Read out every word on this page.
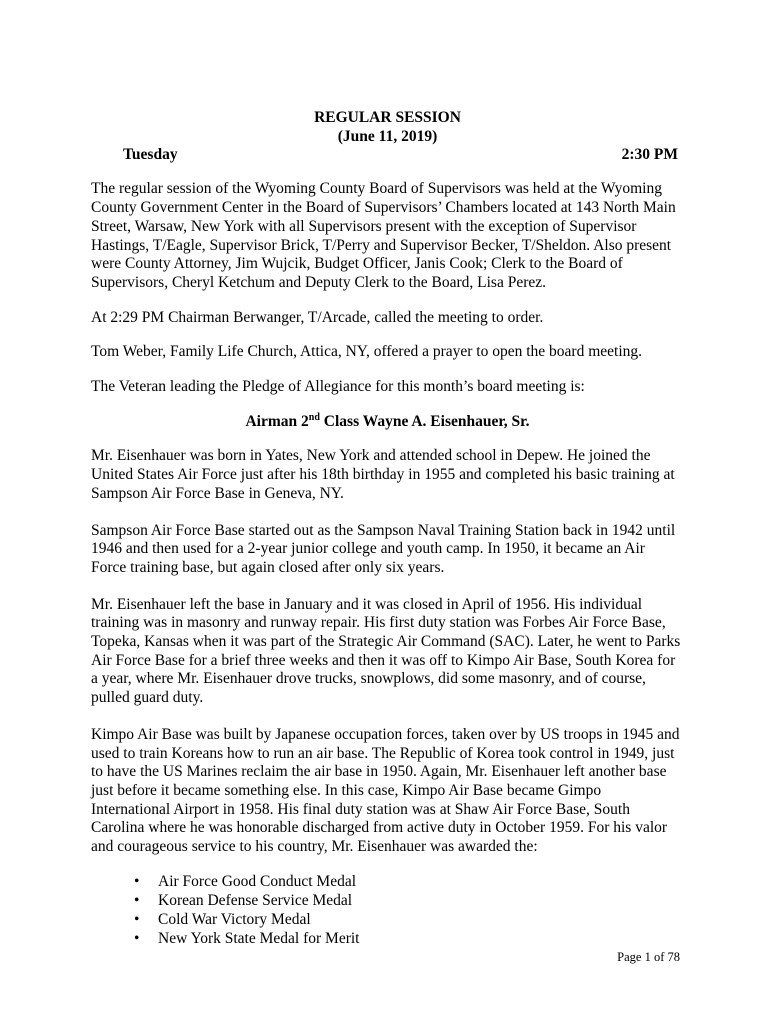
REGULAR SESSION

(June 11, 2019)

Tuesday	2:30 PM

The regular session of the Wyoming County Board of Supervisors was held at the Wyoming County Government Center in the Board of Supervisors’ Chambers located at 143 North Main Street, Warsaw, New York with all Supervisors present with the exception of Supervisor Hastings, T/Eagle, Supervisor Brick, T/Perry and Supervisor Becker, T/Sheldon. Also present were County Attorney, Jim Wujcik, Budget Officer, Janis Cook; Clerk to the Board of Supervisors, Cheryl Ketchum and Deputy Clerk to the Board, Lisa Perez.

At 2:29 PM Chairman Berwanger, T/Arcade, called the meeting to order.

Tom Weber, Family Life Church, Attica, NY, offered a prayer to open the board meeting.

The Veteran leading the Pledge of Allegiance for this month’s board meeting is:

Airman 2nd Class Wayne A. Eisenhauer, Sr.

Mr. Eisenhauer was born in Yates, New York and attended school in Depew. He joined the United States Air Force just after his 18th birthday in 1955 and completed his basic training at Sampson Air Force Base in Geneva, NY.

Sampson Air Force Base started out as the Sampson Naval Training Station back in 1942 until 1946 and then used for a 2-year junior college and youth camp. In 1950, it became an Air Force training base, but again closed after only six years.

Mr. Eisenhauer left the base in January and it was closed in April of 1956. His individual training was in masonry and runway repair. His first duty station was Forbes Air Force Base, Topeka, Kansas when it was part of the Strategic Air Command (SAC). Later, he went to Parks Air Force Base for a brief three weeks and then it was off to Kimpo Air Base, South Korea for a year, where Mr. Eisenhauer drove trucks, snowplows, did some masonry, and of course, pulled guard duty.

Kimpo Air Base was built by Japanese occupation forces, taken over by US troops in 1945 and used to train Koreans how to run an air base. The Republic of Korea took control in 1949, just to have the US Marines reclaim the air base in 1950. Again, Mr. Eisenhauer left another base just before it became something else. In this case, Kimpo Air Base became Gimpo International Airport in 1958. His final duty station was at Shaw Air Force Base, South Carolina where he was honorable discharged from active duty in October 1959. For his valor and courageous service to his country, Mr. Eisenhauer was awarded the:

• Air Force Good Conduct Medal
• Korean Defense Service Medal
• Cold War Victory Medal
• New York State Medal for Merit
Page 1 of 78
